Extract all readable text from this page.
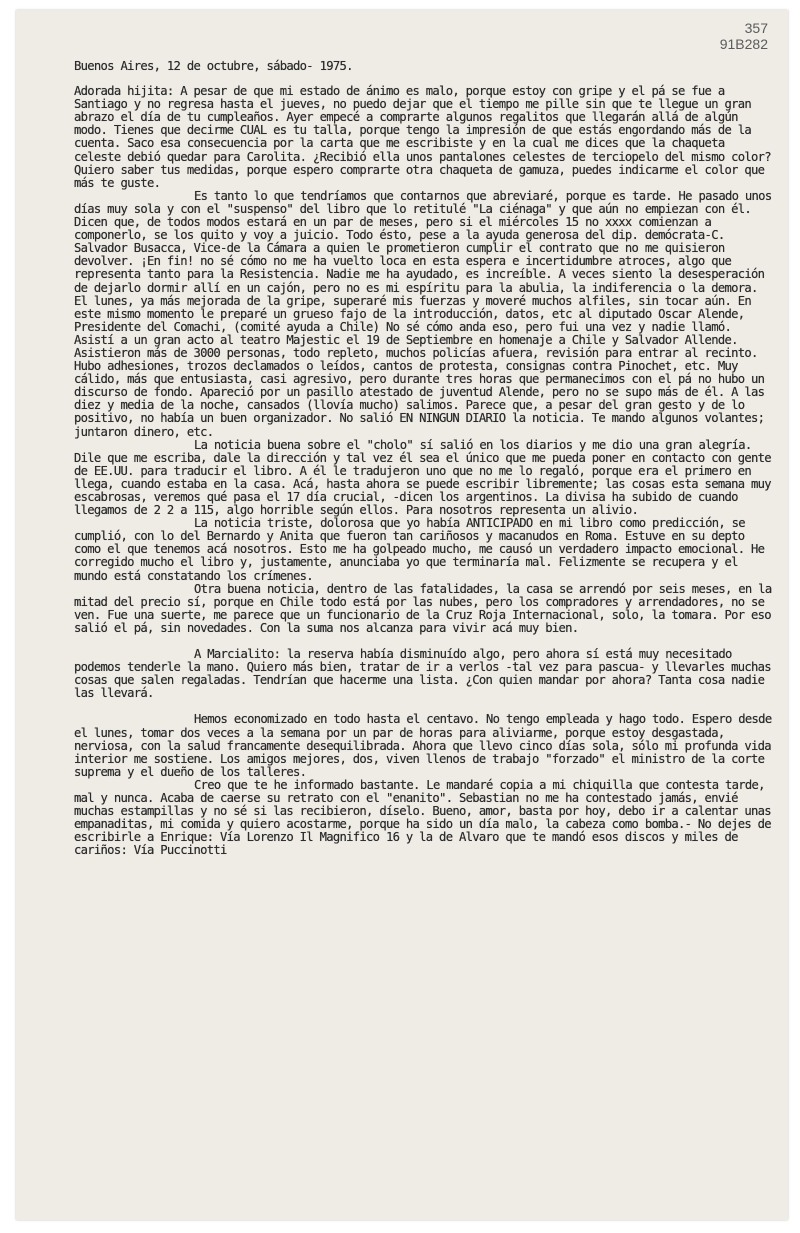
357
91B282
Buenos Aires, 12 de octubre, sábado- 1975.

Adorada hijita: A pesar de que mi estado de ánimo es malo, porque estoy con gripe y el pá se fue a Santiago y no regresa hasta el jueves, no puedo dejar que el tiempo me pille sin que te llegue un gran abrazo el día de tu cumpleaños. Ayer empecé a comprarte algunos regalitos que llegarán allá de algún modo. Tienes que decirme CUAL es tu talla, porque tengo la impresión de que estás engordando más de la cuenta. Saco esa consecuencia por la carta que me escribiste y en la cual me dices que la chaqueta celeste debió quedar para Carolita. ¿Recibió ella unos pantalones celestes de terciopelo del mismo color? Quiero saber tus medidas, porque espero comprarte otra chaqueta de gamuza, puedes indicarme el color que más te guste.

Es tanto lo que tendríamos que contarnos que abreviaré, porque es tarde. He pasado unos días muy sola y con el "suspenso" del libro que lo retitulé "La ciénaga" y que aún no empiezan con él. Dicen que, de todos modos estará en un par de meses, pero si el miércoles 15 no xxxx comienzan a componerlo, se los quito y voy a juicio. Todo ésto, pese a la ayuda generosa del dip. demócrata-C. Salvador Busacca, Vice-de la Cámara a quien le prometieron cumplir el contrato que no me quisieron devolver. ¡En fin! no sé cómo no me ha vuelto loca en esta espera e incertidumbre atroces, algo que representa tanto para la Resistencia. Nadie me ha ayudado, es increíble. A veces siento la desesperación de dejarlo dormir allí en un cajón, pero no es mi espíritu para la abulia, la indiferencia o la demora. El lunes, ya más mejorada de la gripe, superaré mis fuerzas y moveré muchos alfiles, sin tocar aún. En este mismo momento le preparé un grueso fajo de la introducción, datos, etc al diputado Oscar Alende, Presidente del Comachi, (comité ayuda a Chile) No sé cómo anda eso, pero fui una vez y nadie llamó. Asistí a un gran acto al teatro Majestic el 19 de Septiembre en homenaje a Chile y Salvador Allende. Asistieron más de 3000 personas, todo repleto, muchos policías afuera, revisión para entrar al recinto. Hubo adhesiones, trozos declamados o leídos, cantos de protesta, consignas contra Pinochet, etc. Muy cálido, más que entusiasta, casi agresivo, pero durante tres horas que permanecimos con el pá no hubo un discurso de fondo. Apareció por un pasillo atestado de juventud Alende, pero no se supo más de él. A las diez y media de la noche, cansados (llovía mucho) salimos. Parece que, a pesar del gran gesto y de lo positivo, no había un buen organizador. No salió EN NINGUN DIARIO la noticia. Te mando algunos volantes; juntaron dinero, etc.

La noticia buena sobre el "cholo" sí salió en los diarios y me dio una gran alegría. Dile que me escriba, dale la dirección y tal vez él sea el único que me pueda poner en contacto con gente de EE.UU. para traducir el libro. A él le tradujeron uno que no me lo regaló, porque era el primero en llega, cuando estaba en la casa. Acá, hasta ahora se puede escribir libremente; las cosas esta semana muy escabrosas, veremos qué pasa el 17 día crucial, -dicen los argentinos. La divisa ha subido de cuando llegamos de 2 2 a 115, algo horrible según ellos. Para nosotros representa un alivio.

La noticia triste, dolorosa que yo había ANTICIPADO en mi libro como predicción, se cumplió, con lo del Bernardo y Anita que fueron tan cariñosos y macanudos en Roma. Estuve en su depto como el que tenemos acá nosotros. Esto me ha golpeado mucho, me causó un verdadero impacto emocional. He corregido mucho el libro y, justamente, anunciaba yo que terminaría mal. Felizmente se recupera y el mundo está constatando los crímenes.

Otra buena noticia, dentro de las fatalidades, la casa se arrendó por seis meses, en la mitad del precio sí, porque en Chile todo está por las nubes, pero los compradores y arrendadores, no se ven. Fue una suerte, me parece que un funcionario de la Cruz Roja Internacional, solo, la tomara. Por eso salió el pá, sin novedades. Con la suma nos alcanza para vivir acá muy bien.

A Marcialito: la reserva había disminuído algo, pero ahora sí está muy necesitado podemos tenderle la mano. Quiero más bien, tratar de ir a verlos -tal vez para pascua- y llevarles muchas cosas que salen regaladas. Tendrían que hacerme una lista. ¿Con quien mandar por ahora? Tanta cosa nadie las llevará.

Hemos economizado en todo hasta el centavo. No tengo empleada y hago todo. Espero desde el lunes, tomar dos veces a la semana por un par de horas para aliviarme, porque estoy desgastada, nerviosa, con la salud francamente desequilibrada. Ahora que llevo cinco días sola, sólo mi profunda vida interior me sostiene. Los amigos mejores, dos, viven llenos de trabajo "forzado" el ministro de la corte suprema y el dueño de los talleres.

Creo que te he informado bastante. Le mandaré copia a mi chiquilla que contesta tarde, mal y nunca. Acaba de caerse su retrato con el "enanito". Sebastian no me ha contestado jamás, envié muchas estampillas y no sé si las recibieron, díselo. Bueno, amor, basta por hoy, debo ir a calentar unas empanaditas, mi comida y quiero acostarme, porque ha sido un día malo, la cabeza como bomba.- No dejes de escribirle a Enrique: Vía Lorenzo Il Magnifico 16 y la de Alvaro que te mandó esos discos y miles de cariños: Vía Puccinotti
